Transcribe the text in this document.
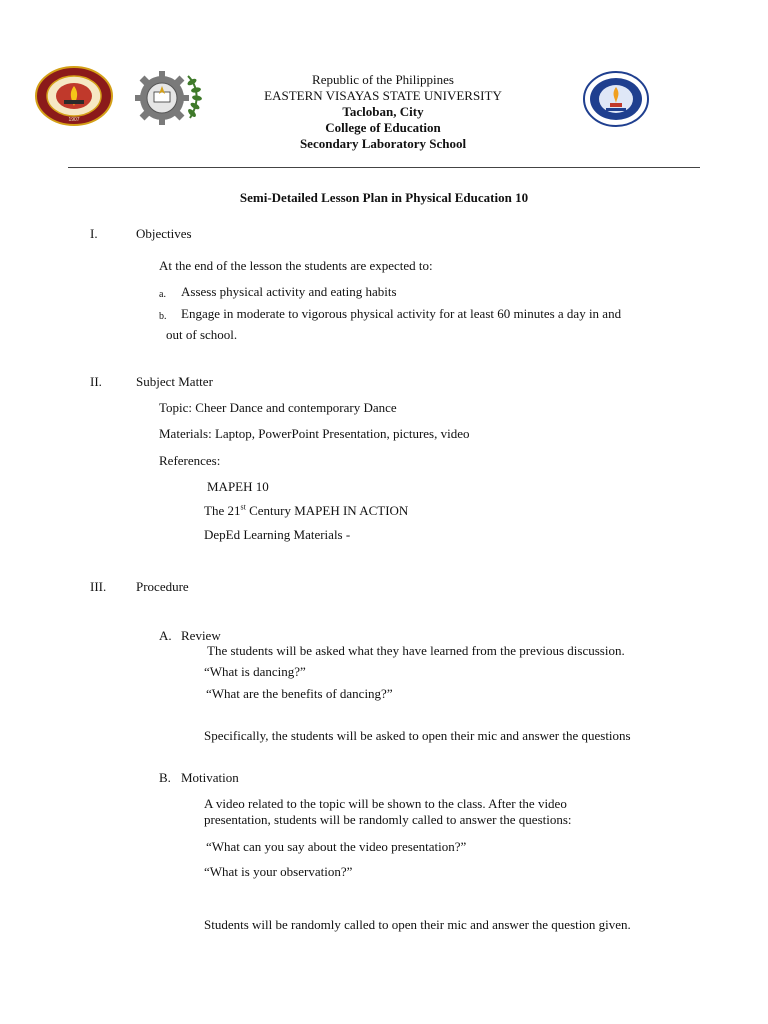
1907
Republic of the Philippines
EASTERN VISAYAS STATE UNIVERSITY
Tacloban, City
College of Education
Secondary Laboratory School
Semi-Detailed Lesson Plan in Physical Education 10
I.	Objectives
At the end of the lesson the students are expected to:
a. Assess physical activity and eating habits
b. Engage in moderate to vigorous physical activity for at least 60 minutes a day in and
out of school.
II.	Subject Matter
Topic: Cheer Dance and contemporary Dance
Materials: Laptop, PowerPoint Presentation, pictures, video
References:
MAPEH 10
The 21st Century MAPEH IN ACTION
DepEd Learning Materials -
III. Procedure
A. Review
The students will be asked what they have learned from the previous discussion.
“What is dancing?”
“What are the benefits of dancing?”
Specifically, the students will be asked to open their mic and answer the questions
B. Motivation
A video related to the topic will be shown to the class. After the video
presentation, students will be randomly called to answer the questions:
“What can you say about the video presentation?”
“What is your observation?”
Students will be randomly called to open their mic and answer the question given.
